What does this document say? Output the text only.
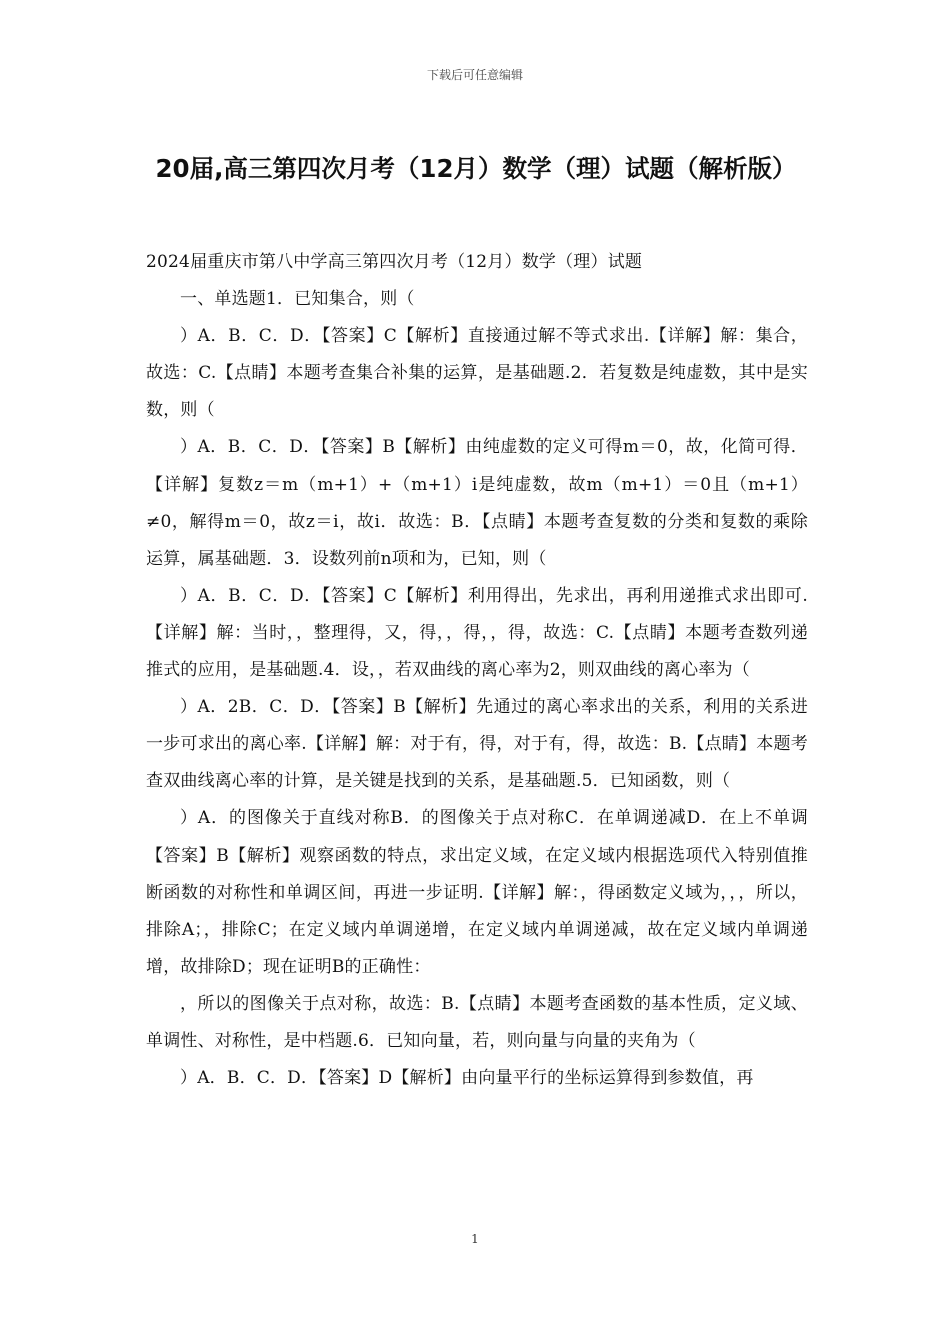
下载后可任意编辑
20届,高三第四次月考（12月）数学（理）试题（解析版）

2024届重庆市第八中学高三第四次月考（12月）数学（理）试题

一、单选题1．已知集合，则（

）A．B．C．D．【答案】C【解析】直接通过解不等式求出.【详解】解：集合，故选：C.【点睛】本题考查集合补集的运算，是基础题.2．若复数是纯虚数，其中是实数，则（

）A．B．C．D．【答案】B【解析】由纯虚数的定义可得m＝0，故，化简可得．【详解】复数z＝m（m+1）+（m+1）i是纯虚数，故m（m+1）＝0且（m+1）≠0，解得m＝0，故z＝i，故i．故选：B．【点睛】本题考查复数的分类和复数的乘除运算，属基础题．3．设数列前n项和为，已知，则（

）A．B．C．D．【答案】C【解析】利用得出，先求出，再利用递推式求出即可.【详解】解：当时，，整理得，又，得，，得，，得，故选：C.【点睛】本题考查数列递推式的应用，是基础题.4．设，，若双曲线的离心率为2，则双曲线的离心率为（

）A．2B．C．D．【答案】B【解析】先通过的离心率求出的关系，利用的关系进一步可求出的离心率.【详解】解：对于有，得，对于有，得，故选：B.【点睛】本题考查双曲线离心率的计算，是关键是找到的关系，是基础题.5．已知函数，则（

）A．的图像关于直线对称B．的图像关于点对称C．在单调递减D．在上不单调【答案】B【解析】观察函数的特点，求出定义域，在定义域内根据选项代入特别值推断函数的对称性和单调区间，再进一步证明.【详解】解：，得函数定义域为，，，所以，排除A；，排除C；在定义域内单调递增，在定义域内单调递减，故在定义域内单调递增，故排除D；现在证明B的正确性：

，所以的图像关于点对称，故选：B.【点睛】本题考查函数的基本性质，定义域、单调性、对称性，是中档题.6．已知向量，若，则向量与向量的夹角为（

）A．B．C．D．【答案】D【解析】由向量平行的坐标运算得到参数值，再

1
